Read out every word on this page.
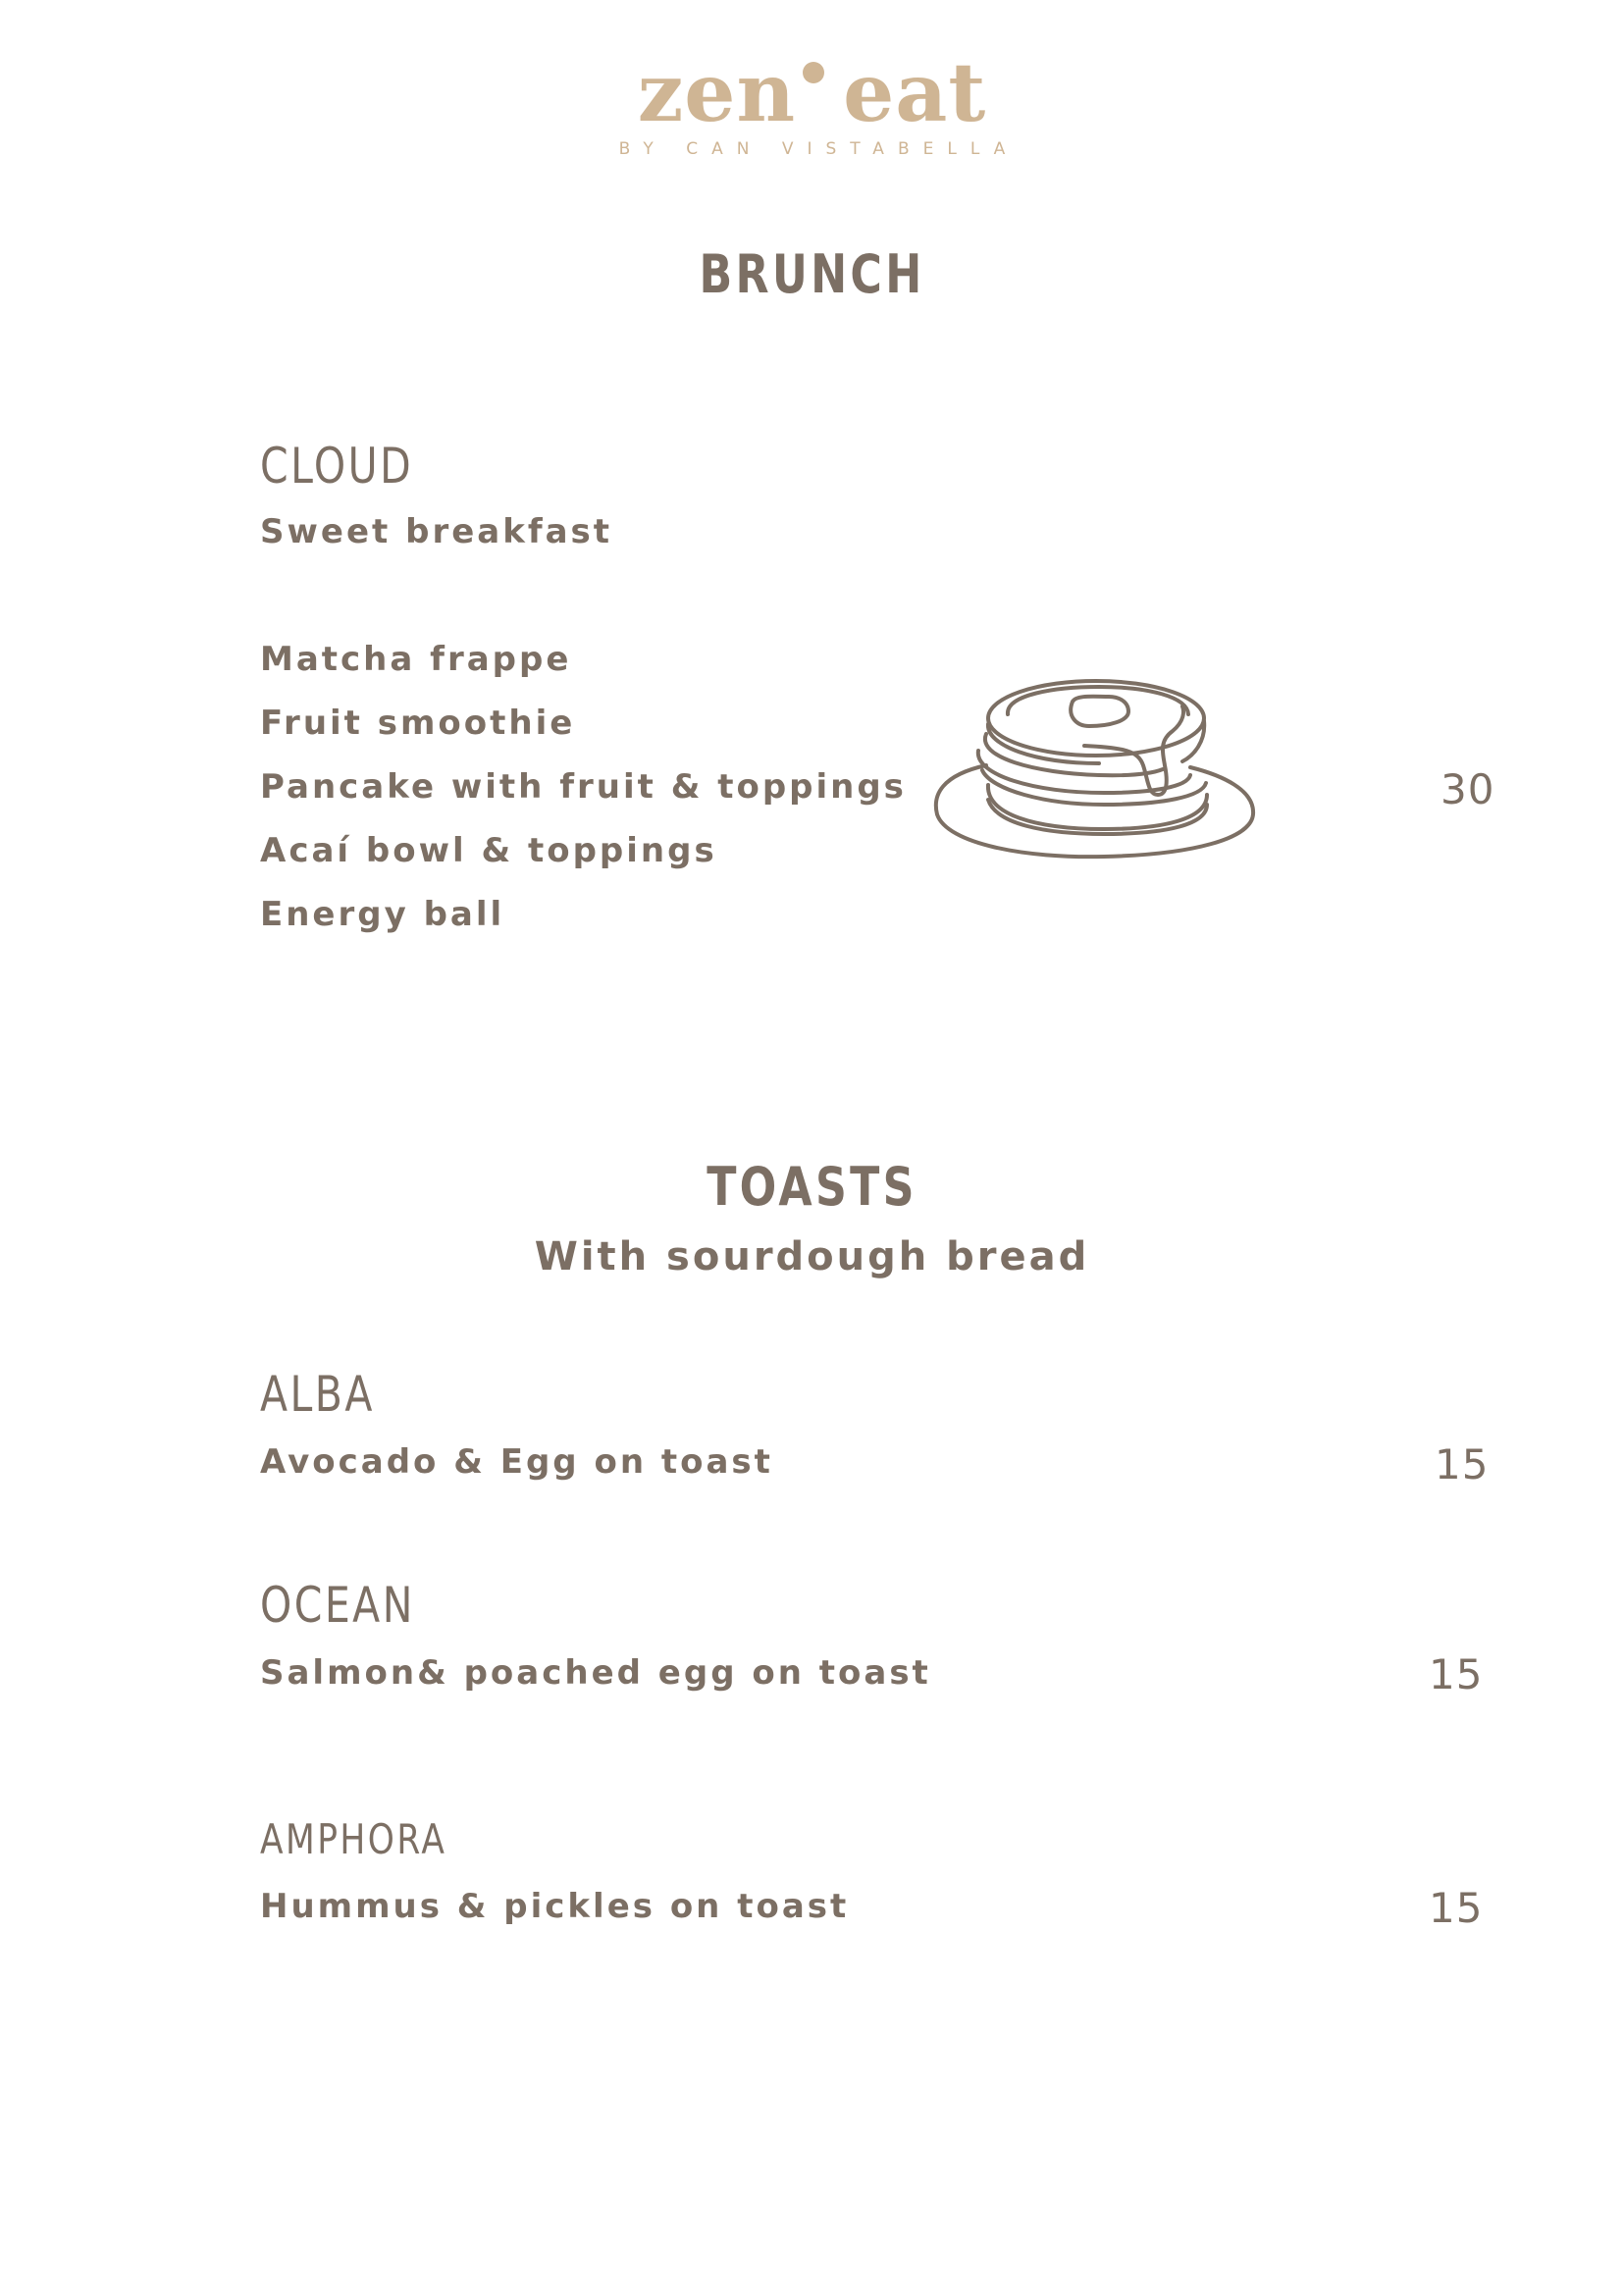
zen eat
BY CAN VISTABELLA
BRUNCH
CLOUD
Sweet breakfast
Matcha frappe
Fruit smoothie
Pancake with fruit & toppings
Acaí bowl & toppings
Energy ball
30
TOASTS
With sourdough bread
ALBA
Avocado & Egg on toast	15
OCEAN
Salmon& poached egg on toast	15
AMPHORA
Hummus & pickles on toast	15
